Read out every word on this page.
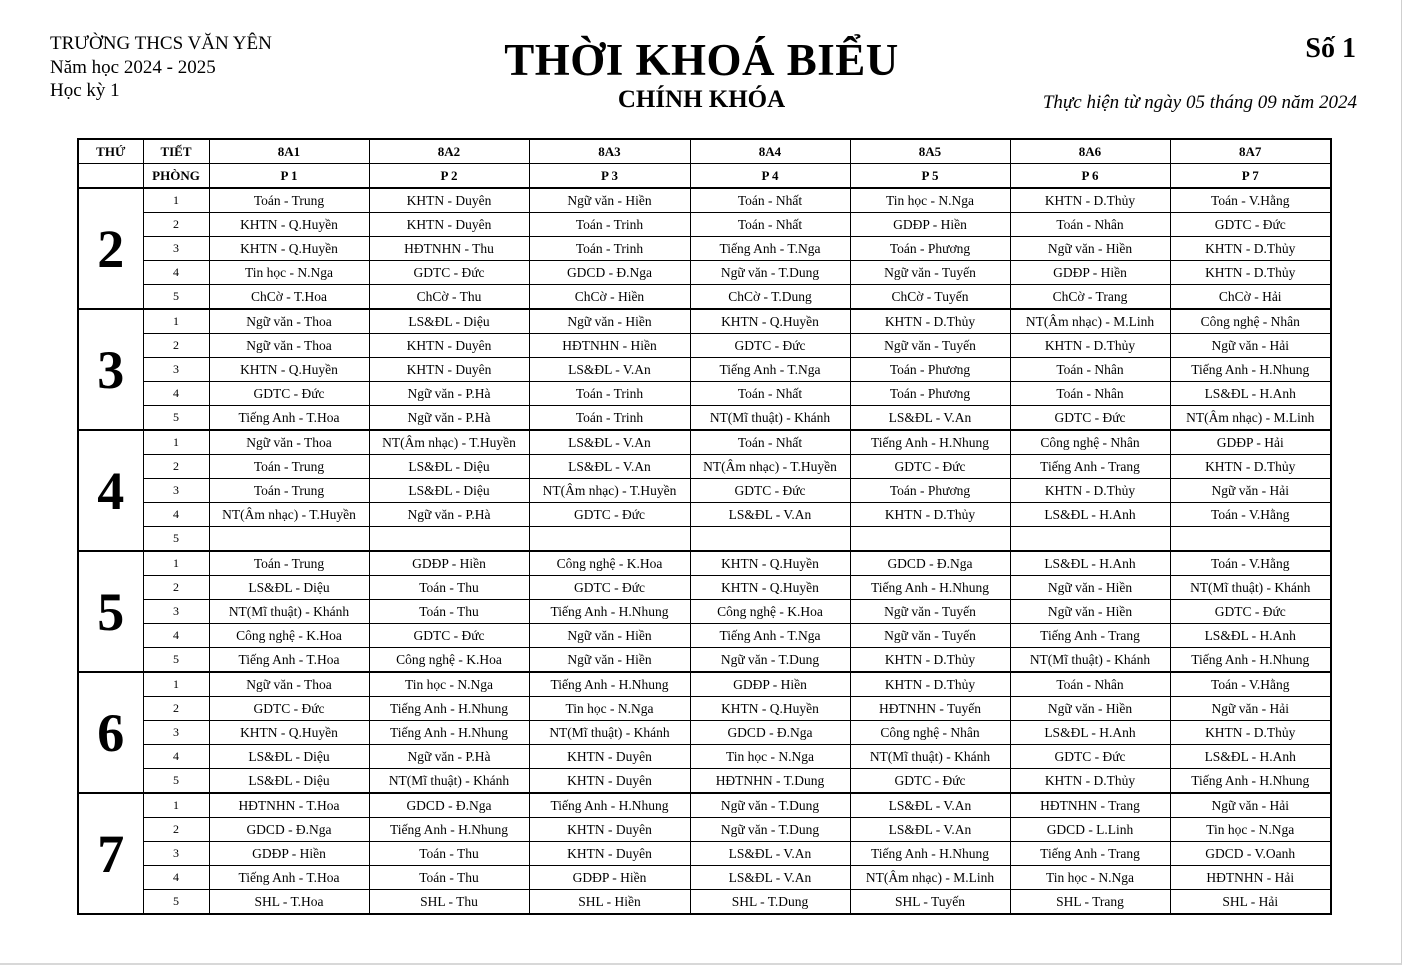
TRƯỜNG THCS VĂN YÊN
Năm học 2024 - 2025
Học kỳ 1
THỜI KHOÁ BIỂU
CHÍNH KHÓA
Số 1
Thực hiện từ ngày 05 tháng 09 năm 2024
THỨ	TIẾT	8A1	8A2	8A3	8A4	8A5	8A6	8A7
	PHÒNG	P 1	P 2	P 3	P 4	P 5	P 6	P 7
2	1	Toán - Trung	KHTN - Duyên	Ngữ văn - Hiền	Toán - Nhất	Tin học - N.Nga	KHTN - D.Thủy	Toán - V.Hằng
	2	KHTN - Q.Huyền	KHTN - Duyên	Toán - Trinh	Toán - Nhất	GDĐP - Hiền	Toán - Nhân	GDTC - Đức
	3	KHTN - Q.Huyền	HĐTNHN - Thu	Toán - Trinh	Tiếng Anh - T.Nga	Toán - Phương	Ngữ văn - Hiền	KHTN - D.Thủy
	4	Tin học - N.Nga	GDTC - Đức	GDCD - Đ.Nga	Ngữ văn - T.Dung	Ngữ văn - Tuyến	GDĐP - Hiền	KHTN - D.Thủy
	5	ChCờ - T.Hoa	ChCờ - Thu	ChCờ - Hiền	ChCờ - T.Dung	ChCờ - Tuyến	ChCờ - Trang	ChCờ - Hải
3	1	Ngữ văn - Thoa	LS&ĐL - Diệu	Ngữ văn - Hiền	KHTN - Q.Huyền	KHTN - D.Thủy	NT(Âm nhạc) - M.Linh	Công nghệ - Nhân
	2	Ngữ văn - Thoa	KHTN - Duyên	HĐTNHN - Hiền	GDTC - Đức	Ngữ văn - Tuyến	KHTN - D.Thủy	Ngữ văn - Hải
	3	KHTN - Q.Huyền	KHTN - Duyên	LS&ĐL - V.An	Tiếng Anh - T.Nga	Toán - Phương	Toán - Nhân	Tiếng Anh - H.Nhung
	4	GDTC - Đức	Ngữ văn - P.Hà	Toán - Trinh	Toán - Nhất	Toán - Phương	Toán - Nhân	LS&ĐL - H.Anh
	5	Tiếng Anh - T.Hoa	Ngữ văn - P.Hà	Toán - Trinh	NT(Mĩ thuật) - Khánh	LS&ĐL - V.An	GDTC - Đức	NT(Âm nhạc) - M.Linh
4	1	Ngữ văn - Thoa	NT(Âm nhạc) - T.Huyền	LS&ĐL - V.An	Toán - Nhất	Tiếng Anh - H.Nhung	Công nghệ - Nhân	GDĐP - Hải
	2	Toán - Trung	LS&ĐL - Diệu	LS&ĐL - V.An	NT(Âm nhạc) - T.Huyền	GDTC - Đức	Tiếng Anh - Trang	KHTN - D.Thủy
	3	Toán - Trung	LS&ĐL - Diệu	NT(Âm nhạc) - T.Huyền	GDTC - Đức	Toán - Phương	KHTN - D.Thủy	Ngữ văn - Hải
	4	NT(Âm nhạc) - T.Huyền	Ngữ văn - P.Hà	GDTC - Đức	LS&ĐL - V.An	KHTN - D.Thủy	LS&ĐL - H.Anh	Toán - V.Hằng
	5							
5	1	Toán - Trung	GDĐP - Hiền	Công nghệ - K.Hoa	KHTN - Q.Huyền	GDCD - Đ.Nga	LS&ĐL - H.Anh	Toán - V.Hằng
	2	LS&ĐL - Diệu	Toán - Thu	GDTC - Đức	KHTN - Q.Huyền	Tiếng Anh - H.Nhung	Ngữ văn - Hiền	NT(Mĩ thuật) - Khánh
	3	NT(Mĩ thuật) - Khánh	Toán - Thu	Tiếng Anh - H.Nhung	Công nghệ - K.Hoa	Ngữ văn - Tuyến	Ngữ văn - Hiền	GDTC - Đức
	4	Công nghệ - K.Hoa	GDTC - Đức	Ngữ văn - Hiền	Tiếng Anh - T.Nga	Ngữ văn - Tuyến	Tiếng Anh - Trang	LS&ĐL - H.Anh
	5	Tiếng Anh - T.Hoa	Công nghệ - K.Hoa	Ngữ văn - Hiền	Ngữ văn - T.Dung	KHTN - D.Thủy	NT(Mĩ thuật) - Khánh	Tiếng Anh - H.Nhung
6	1	Ngữ văn - Thoa	Tin học - N.Nga	Tiếng Anh - H.Nhung	GDĐP - Hiền	KHTN - D.Thủy	Toán - Nhân	Toán - V.Hằng
	2	GDTC - Đức	Tiếng Anh - H.Nhung	Tin học - N.Nga	KHTN - Q.Huyền	HĐTNHN - Tuyến	Ngữ văn - Hiền	Ngữ văn - Hải
	3	KHTN - Q.Huyền	Tiếng Anh - H.Nhung	NT(Mĩ thuật) - Khánh	GDCD - Đ.Nga	Công nghệ - Nhân	LS&ĐL - H.Anh	KHTN - D.Thủy
	4	LS&ĐL - Diệu	Ngữ văn - P.Hà	KHTN - Duyên	Tin học - N.Nga	NT(Mĩ thuật) - Khánh	GDTC - Đức	LS&ĐL - H.Anh
	5	LS&ĐL - Diệu	NT(Mĩ thuật) - Khánh	KHTN - Duyên	HĐTNHN - T.Dung	GDTC - Đức	KHTN - D.Thủy	Tiếng Anh - H.Nhung
7	1	HĐTNHN - T.Hoa	GDCD - Đ.Nga	Tiếng Anh - H.Nhung	Ngữ văn - T.Dung	LS&ĐL - V.An	HĐTNHN - Trang	Ngữ văn - Hải
	2	GDCD - Đ.Nga	Tiếng Anh - H.Nhung	KHTN - Duyên	Ngữ văn - T.Dung	LS&ĐL - V.An	GDCD - L.Linh	Tin học - N.Nga
	3	GDĐP - Hiền	Toán - Thu	KHTN - Duyên	LS&ĐL - V.An	Tiếng Anh - H.Nhung	Tiếng Anh - Trang	GDCD - V.Oanh
	4	Tiếng Anh - T.Hoa	Toán - Thu	GDĐP - Hiền	LS&ĐL - V.An	NT(Âm nhạc) - M.Linh	Tin học - N.Nga	HĐTNHN - Hải
	5	SHL - T.Hoa	SHL - Thu	SHL - Hiền	SHL - T.Dung	SHL - Tuyến	SHL - Trang	SHL - Hải
